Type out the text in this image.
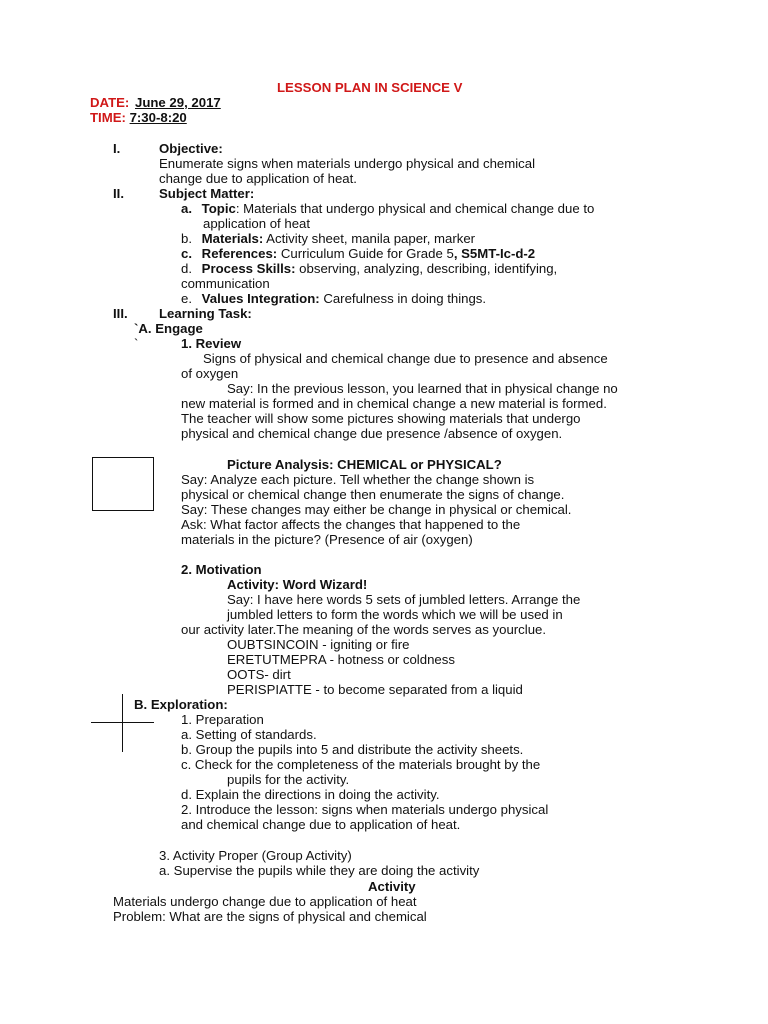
LESSON PLAN IN SCIENCE V
DATE: June 29, 2017
TIME: 7:30-8:20
I.	Objective:
Enumerate signs when materials undergo physical and chemical
change due to application of heat.
II.	Subject Matter:
a. Topic: Materials that undergo physical and chemical change due to
application of heat
b. Materials: Activity sheet, manila paper, marker
c. References: Curriculum Guide for Grade 5, S5MT-Ic-d-2
d. Process Skills: observing, analyzing, describing, identifying,
communication
e. Values Integration: Carefulness in doing things.
III. Learning Task:
`A. Engage
`	1. Review
Signs of physical and chemical change due to presence and absence
of oxygen
Say: In the previous lesson, you learned that in physical change no
new material is formed and in chemical change a new material is formed.
The teacher will show some pictures showing materials that undergo
physical and chemical change due presence /absence of oxygen.
Picture Analysis: CHEMICAL or PHYSICAL?
Say: Analyze each picture. Tell whether the change shown is
physical or chemical change then enumerate the signs of change.
Say: These changes may either be change in physical or chemical.
Ask: What factor affects the changes that happened to the
materials in the picture? (Presence of air (oxygen)
2. Motivation
Activity: Word Wizard!
Say: I have here words 5 sets of jumbled letters. Arrange the
jumbled letters to form the words which we will be used in
our activity later.The meaning of the words serves as yourclue.
OUBTSINCOIN - igniting or fire
ERETUTMEPRA - hotness or coldness
OOTS- dirt
PERISPIATTE - to become separated from a liquid
B. Exploration:
1. Preparation
a. Setting of standards.
b. Group the pupils into 5 and distribute the activity sheets.
c. Check for the completeness of the materials brought by the
pupils for the activity.
d. Explain the directions in doing the activity.
2. Introduce the lesson: signs when materials undergo physical
and chemical change due to application of heat.
3. Activity Proper (Group Activity)
a. Supervise the pupils while they are doing the activity
Activity
Materials undergo change due to application of heat
Problem: What are the signs of physical and chemical
